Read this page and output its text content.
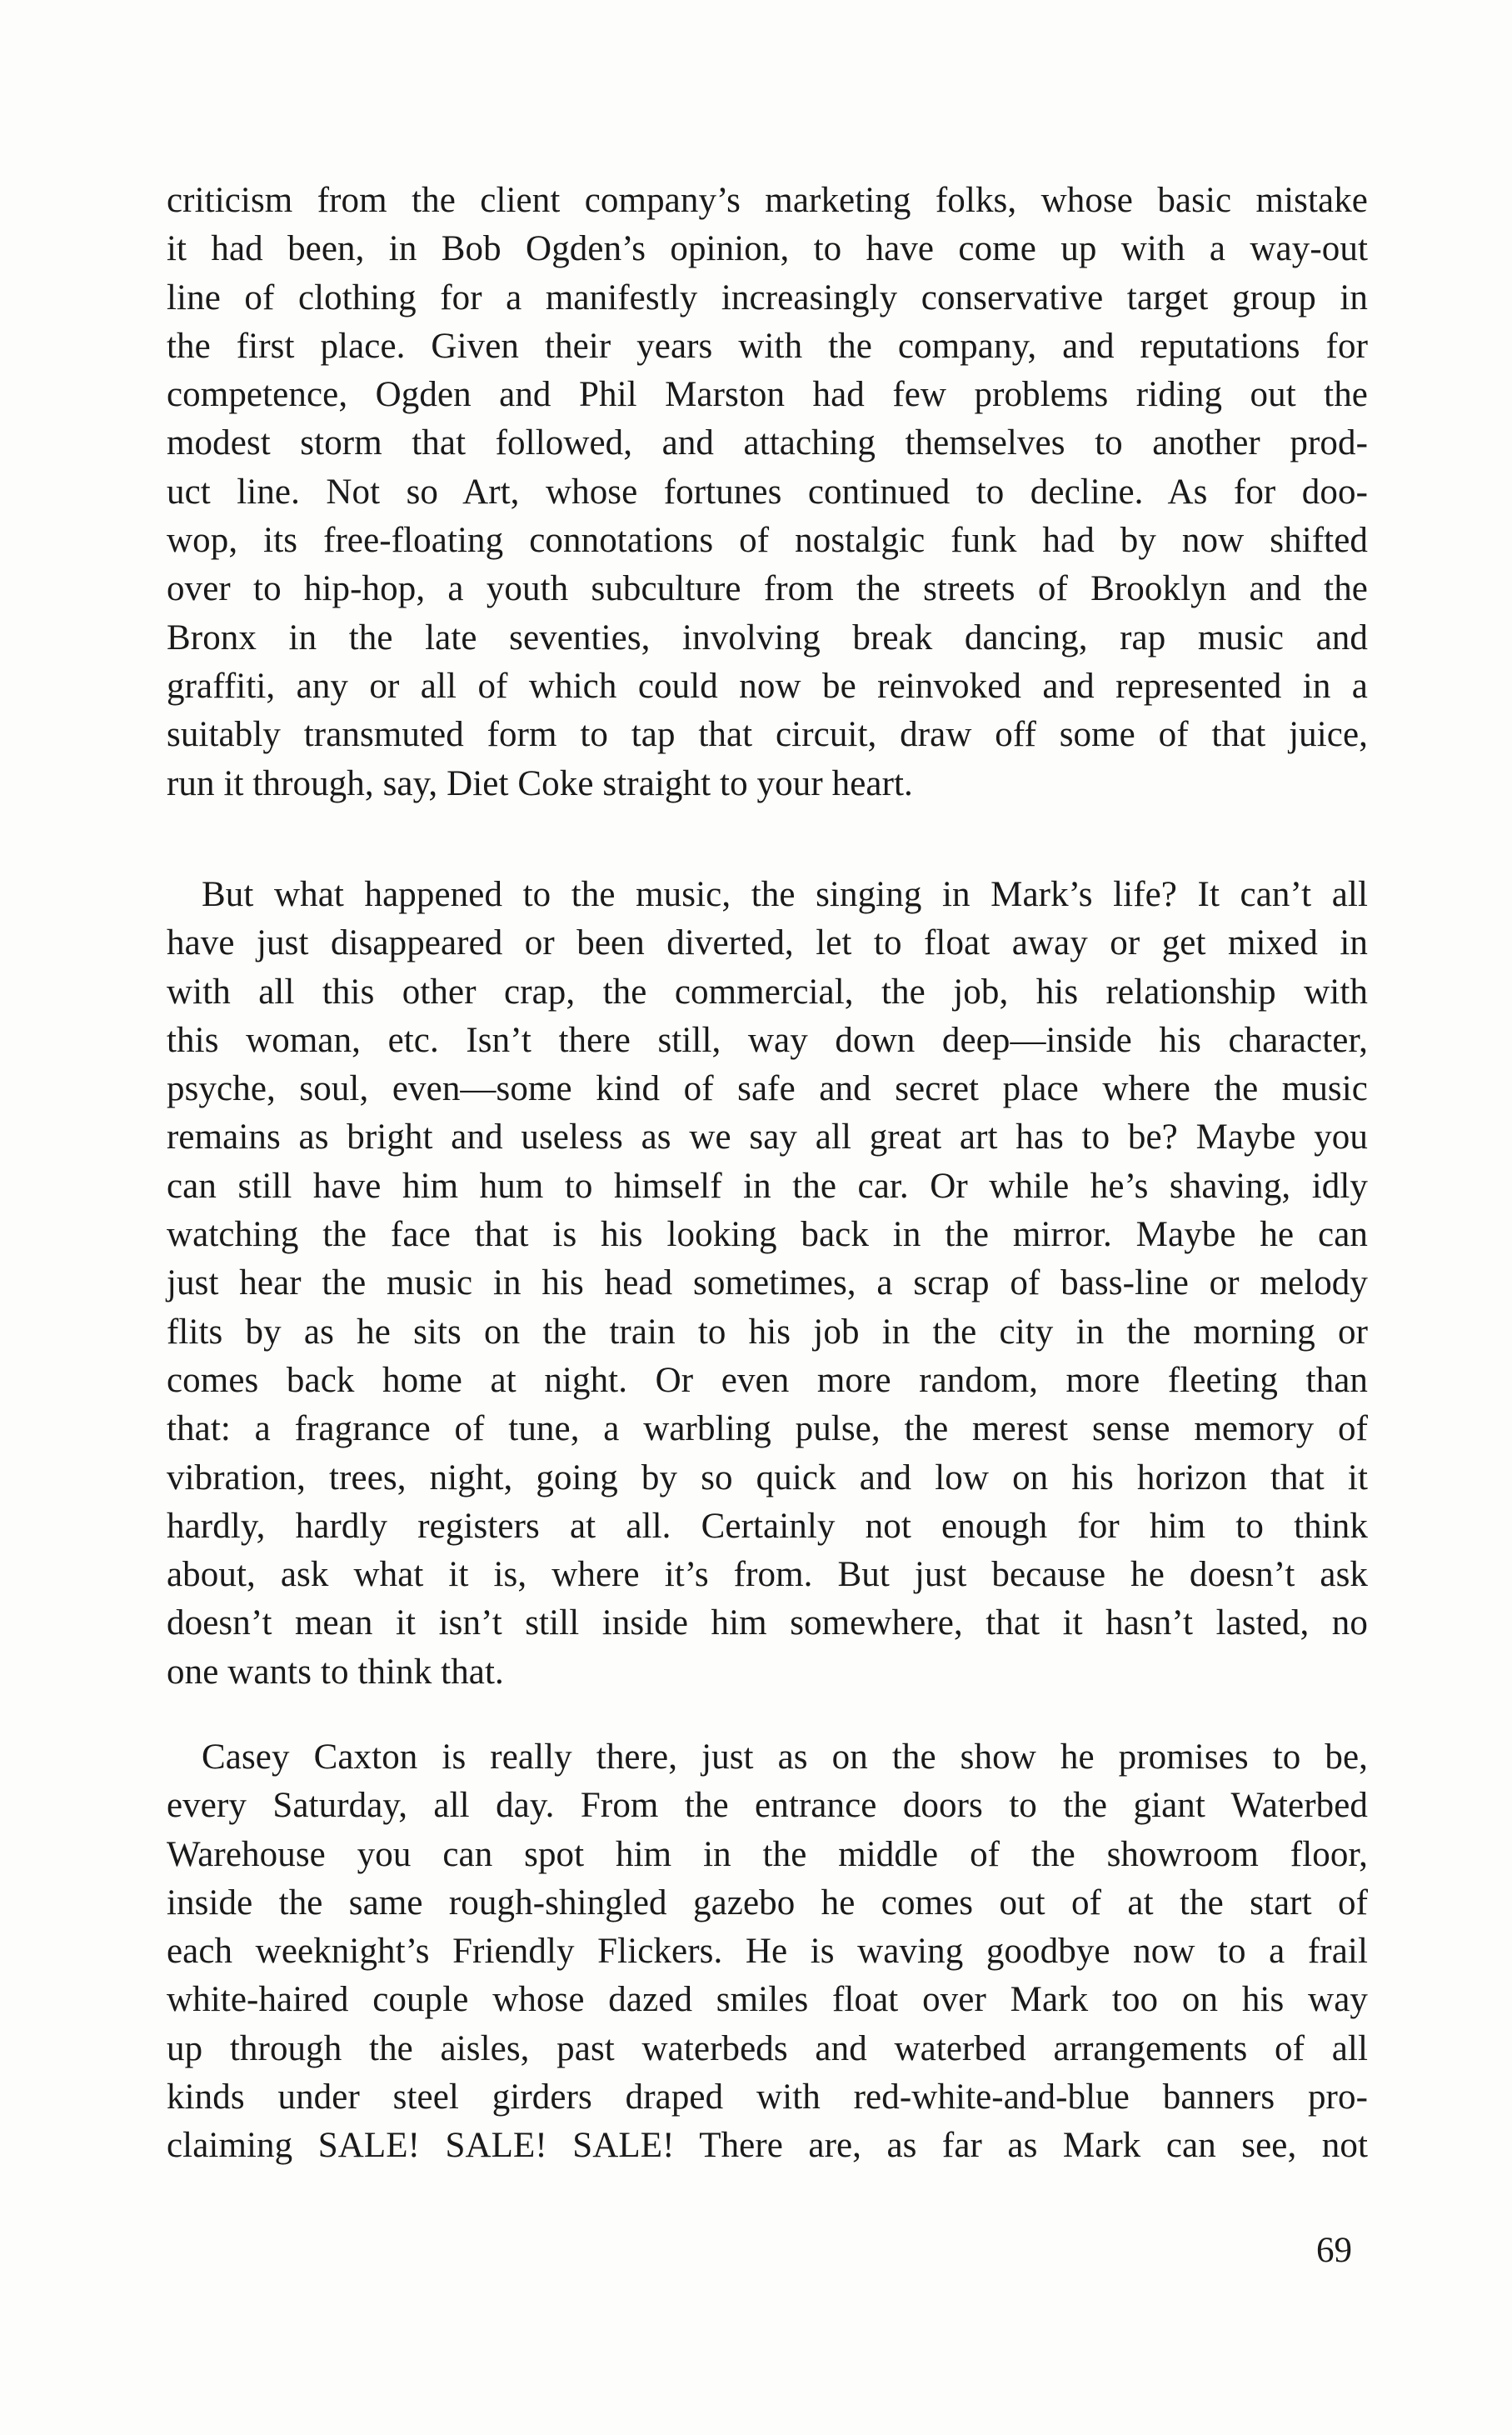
criticism from the client company’s marketing folks, whose basic mistake
it had been, in Bob Ogden’s opinion, to have come up with a way-out
line of clothing for a manifestly increasingly conservative target group in
the first place. Given their years with the company, and reputations for
competence, Ogden and Phil Marston had few problems riding out the
modest storm that followed, and attaching themselves to another prod-
uct line. Not so Art, whose fortunes continued to decline. As for doo-
wop, its free-floating connotations of nostalgic funk had by now shifted
over to hip-hop, a youth subculture from the streets of Brooklyn and the
Bronx in the late seventies, involving break dancing, rap music and
graffiti, any or all of which could now be reinvoked and represented in a
suitably transmuted form to tap that circuit, draw off some of that juice,
run it through, say, Diet Coke straight to your heart.
But what happened to the music, the singing in Mark’s life? It can’t all
have just disappeared or been diverted, let to float away or get mixed in
with all this other crap, the commercial, the job, his relationship with
this woman, etc. Isn’t there still, way down deep—inside his character,
psyche, soul, even—some kind of safe and secret place where the music
remains as bright and useless as we say all great art has to be? Maybe you
can still have him hum to himself in the car. Or while he’s shaving, idly
watching the face that is his looking back in the mirror. Maybe he can
just hear the music in his head sometimes, a scrap of bass-line or melody
flits by as he sits on the train to his job in the city in the morning or
comes back home at night. Or even more random, more fleeting than
that: a fragrance of tune, a warbling pulse, the merest sense memory of
vibration, trees, night, going by so quick and low on his horizon that it
hardly, hardly registers at all. Certainly not enough for him to think
about, ask what it is, where it’s from. But just because he doesn’t ask
doesn’t mean it isn’t still inside him somewhere, that it hasn’t lasted, no
one wants to think that.
Casey Caxton is really there, just as on the show he promises to be,
every Saturday, all day. From the entrance doors to the giant Waterbed
Warehouse you can spot him in the middle of the showroom floor,
inside the same rough-shingled gazebo he comes out of at the start of
each weeknight’s Friendly Flickers. He is waving goodbye now to a frail
white-haired couple whose dazed smiles float over Mark too on his way
up through the aisles, past waterbeds and waterbed arrangements of all
kinds under steel girders draped with red-white-and-blue banners pro-
claiming SALE! SALE! SALE! There are, as far as Mark can see, not
69
